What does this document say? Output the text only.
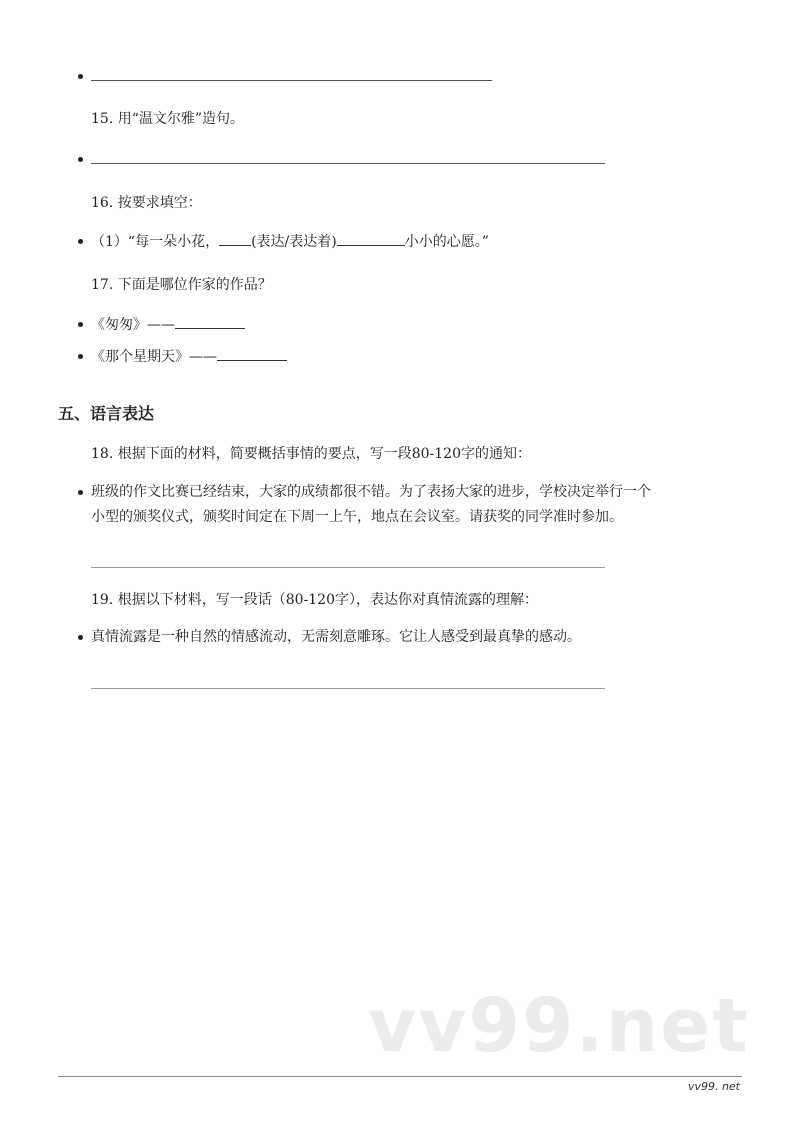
15. 用“温文尔雅”造句。
16. 按要求填空：
（1）“每一朵小花， (表达/表达着)	小小的心愿。”
17. 下面是哪位作家的作品？
《匆匆》——
《那个星期天》——
五、语言表达
18. 根据下面的材料，简要概括事情的要点，写一段80-120字的通知：
班级的作文比赛已经结束，大家的成绩都很不错。为了表扬大家的进步，学校决定举行一个
小型的颁奖仪式，颁奖时间定在下周一上午，地点在会议室。请获奖的同学准时参加。
19. 根据以下材料，写一段话（80-120字），表达你对真情流露的理解：
真情流露是一种自然的情感流动，无需刻意雕琢。它让人感受到最真挚的感动。
vv99.net
vv99. net
